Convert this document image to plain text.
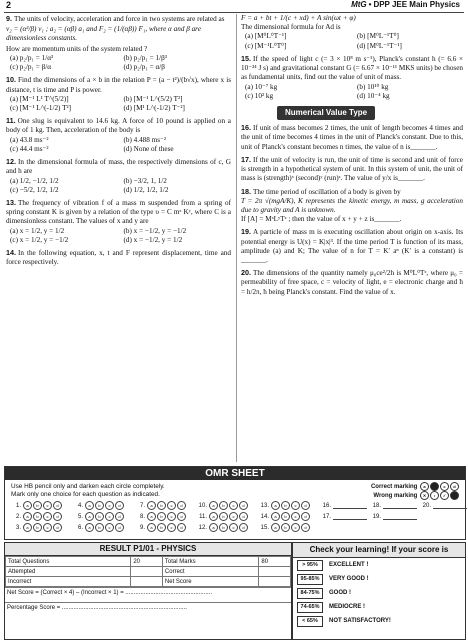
2	MtG • DPP JEE Main Physics
9. The units of velocity, acceleration and force in two systems are related as
v₂ = (α²/β) v₁ ; a₂ = (αβ) a₁ and F₂ = (1/(αβ)) F₁, where α and β are dimensionless constants.
How are momentum units of the system related ?
(a) p₂/p₁ = 1/α³	(b) p₂/p₁ = 1/β³
(c) p₂/p₁ = β/α	(d) p₂/p₁ = α/β
10. Find the dimensions of a × b in the relation P = (a − t²)/(b√x), where x is distance, t is time and P is power.
(a) [M⁻¹ L¹ T^(5/2)]	(b) [M⁻¹ L^(5/2) T²]
(c) [M⁻¹ L^(-1/2) T²]	(d) [M¹ L^(-1/2) T⁻²]
11. One slug is equivalent to 14.6 kg. A force of 10 pound is applied on a body of 1 kg. Then, acceleration of the body is
(a) 43.8 ms⁻²	(b) 4.488 ms⁻²
(c) 44.4 ms⁻²	(d) None of these
12. In the dimensional formula of mass, the respectively dimensions of c, G and h are
(a) 1/2, −1/2, 1/2	(b) −3/2, 1, 1/2
(c) −5/2, 1/2, 1/2	(d) 1/2, 1/2, 1/2
13. The frequency of vibration f of a mass m suspended from a spring of spring constant K is given by a relation of the type υ = C mˣ Kʸ, where C is a dimensionless constant. The values of x and y are
(a) x = 1/2, y = 1/2	(b) x = −1/2, y = −1/2
(c) x = 1/2, y = −1/2	(d) x = −1/2, y = 1/2
14. In the following equation, x, t and F represent displacement, time and force respectively.
F = a + bt + 1/(c + xd) + A sin(ωt + φ)
The dimensional formula for Ad is
(a) [M⁰L⁰T⁻¹]	(b) [M⁰L⁻¹T⁰]
(c) [M⁻¹L⁰T⁰]	(d) [M⁰L⁻¹T⁻¹]
15. If the speed of light c (= 3 × 10⁸ m s⁻¹), Planck's constant h (= 6.6 × 10⁻³⁴ J s) and gravitational constant G (= 6.67 × 10⁻¹¹ MKS units) be chosen as fundamental units, find out the value of unit of mass.
(a) 10⁻⁷ kg	(b) 10¹⁰ kg
(c) 10² kg	(d) 10⁻⁴ kg
Numerical Value Type
16. If unit of mass becomes 2 times, the unit of length becomes 4 times and the unit of time becomes 4 times in the unit of Planck's constant. Due to this, unit of Planck's constant becomes n times, the value of n is_______.
17. If the unit of velocity is run, the unit of time is second and unit of force is strength in a hypothetical system of unit. In this system of unit, the unit of mass is (strength)ˣ (second)ʸ (run)ᶻ. The value of y/x is_______.
18. The time period of oscillation of a body is given by
T = 2π √(mgA/K), K represents the kinetic energy, m mass, g acceleration due to gravity and A is unknown.
If [A] = MˣLʸTᶻ ; then the value of x + y + z is_______.
19. A particle of mass m is executing oscillation about origin on x-axis. Its potential energy is U(x) = K|x|³. If the time period T is function of its mass, amplitude (a) and K; The value of n for T = K′ aⁿ (K′ is a constant) is _______.
20. The dimensions of the quantity namely μ₀ce²/2h is M⁰L⁰Tˣ, where μ₀ = permeability of free space, c = velocity of light, e = electronic charge and ħ = h/2π, ħ being Planck's constant. Find the value of x.
OMR SHEET
Use HB pencil only and darken each circle completely.
Mark only one choice for each question as indicated.
Correct marking a	c d
Wrong marking ✕ • ✓
1.	a	b	c	d
2.	a	b	c	d
3.	a	b	c	d
4.	a	b	c	d
5.	a	b	c	d
6.	a	b	c	d
7.	a	b	c	d
8.	a	b	c	d
9.	a	b	c	d
10.	a	b	c	d
11.	a	b	c	d
12.	a	b	c	d
13.	a	b	c	d
14.	a	b	c	d
15.	a	b	c	d
16.
17.
18.
19.
20.
RESULT P1/01 - PHYSICS
Total Questions	20	Total Marks	80
Attempted		Correct	
Incorrect		Net Score	
Net Score = (Correct × 4) – (Incorrect × 1) = ....................................................
Percentage Score = ...........................................................................
Check your learning! If your score is
> 95%	EXCELLENT !
95-85%	VERY GOOD !
84-75%	GOOD !
74-65%	MEDIOCRE !
< 65%	NOT SATISFACTORY!
